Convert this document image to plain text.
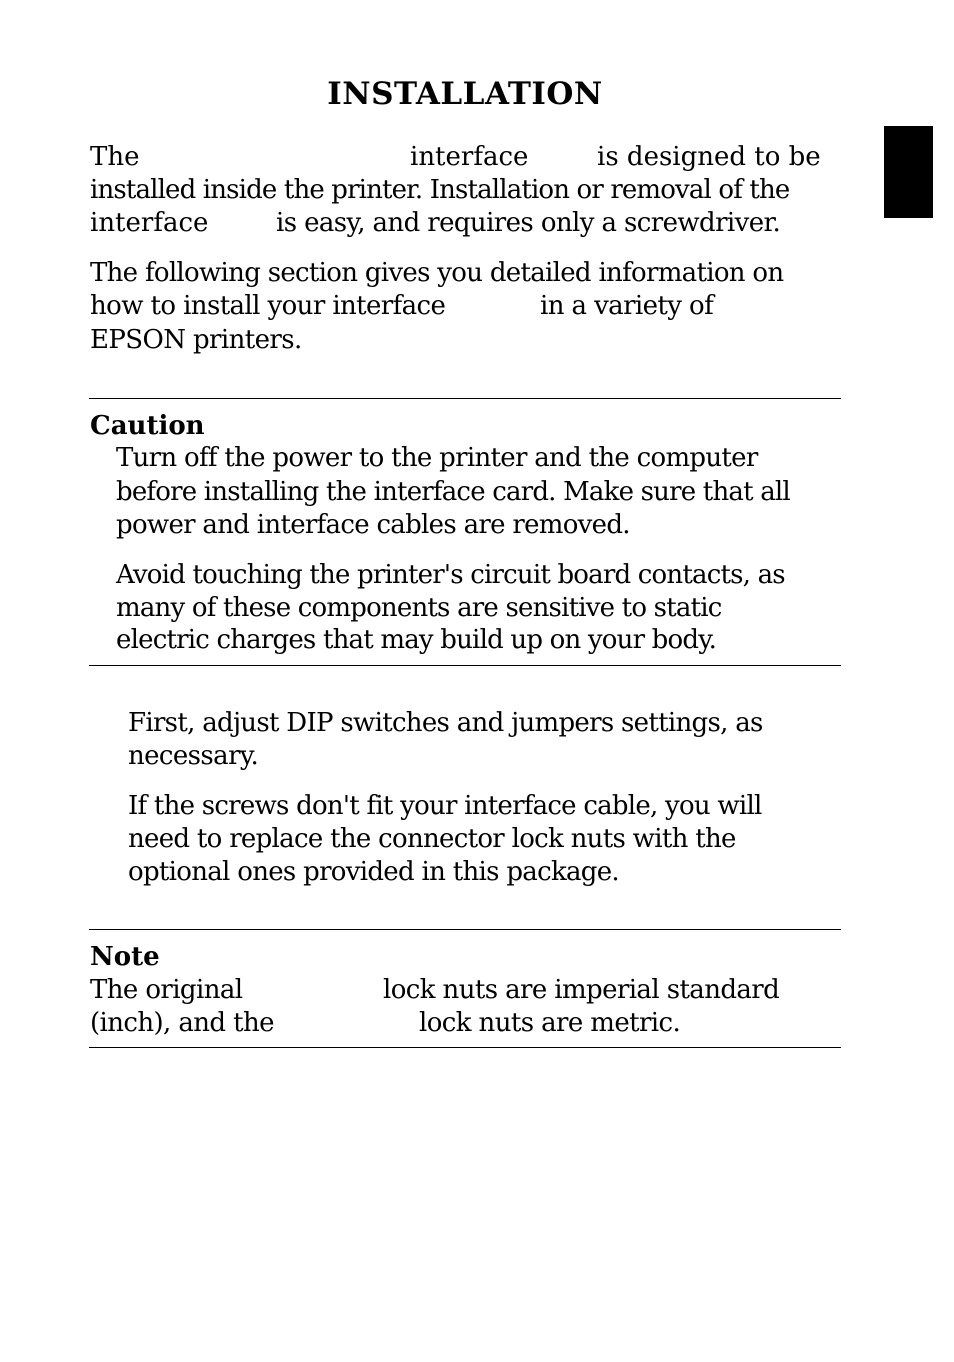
INSTALLATION
The	interface	is designed to be
installed inside the printer. Installation or removal of the
interface	is easy, and requires only a screwdriver.
The following section gives you detailed information on
how to install your interface	in a variety of
EPSON printers.
Caution
Turn off the power to the printer and the computer
before installing the interface card. Make sure that all
power and interface cables are removed.
Avoid touching the printer's circuit board contacts, as
many of these components are sensitive to static
electric charges that may build up on your body.
First, adjust DIP switches and jumpers settings, as
necessary.
If the screws don't fit your interface cable, you will
need to replace the connector lock nuts with the
optional ones provided in this package.
Note
The original	lock nuts are imperial standard
(inch), and the	lock nuts are metric.
